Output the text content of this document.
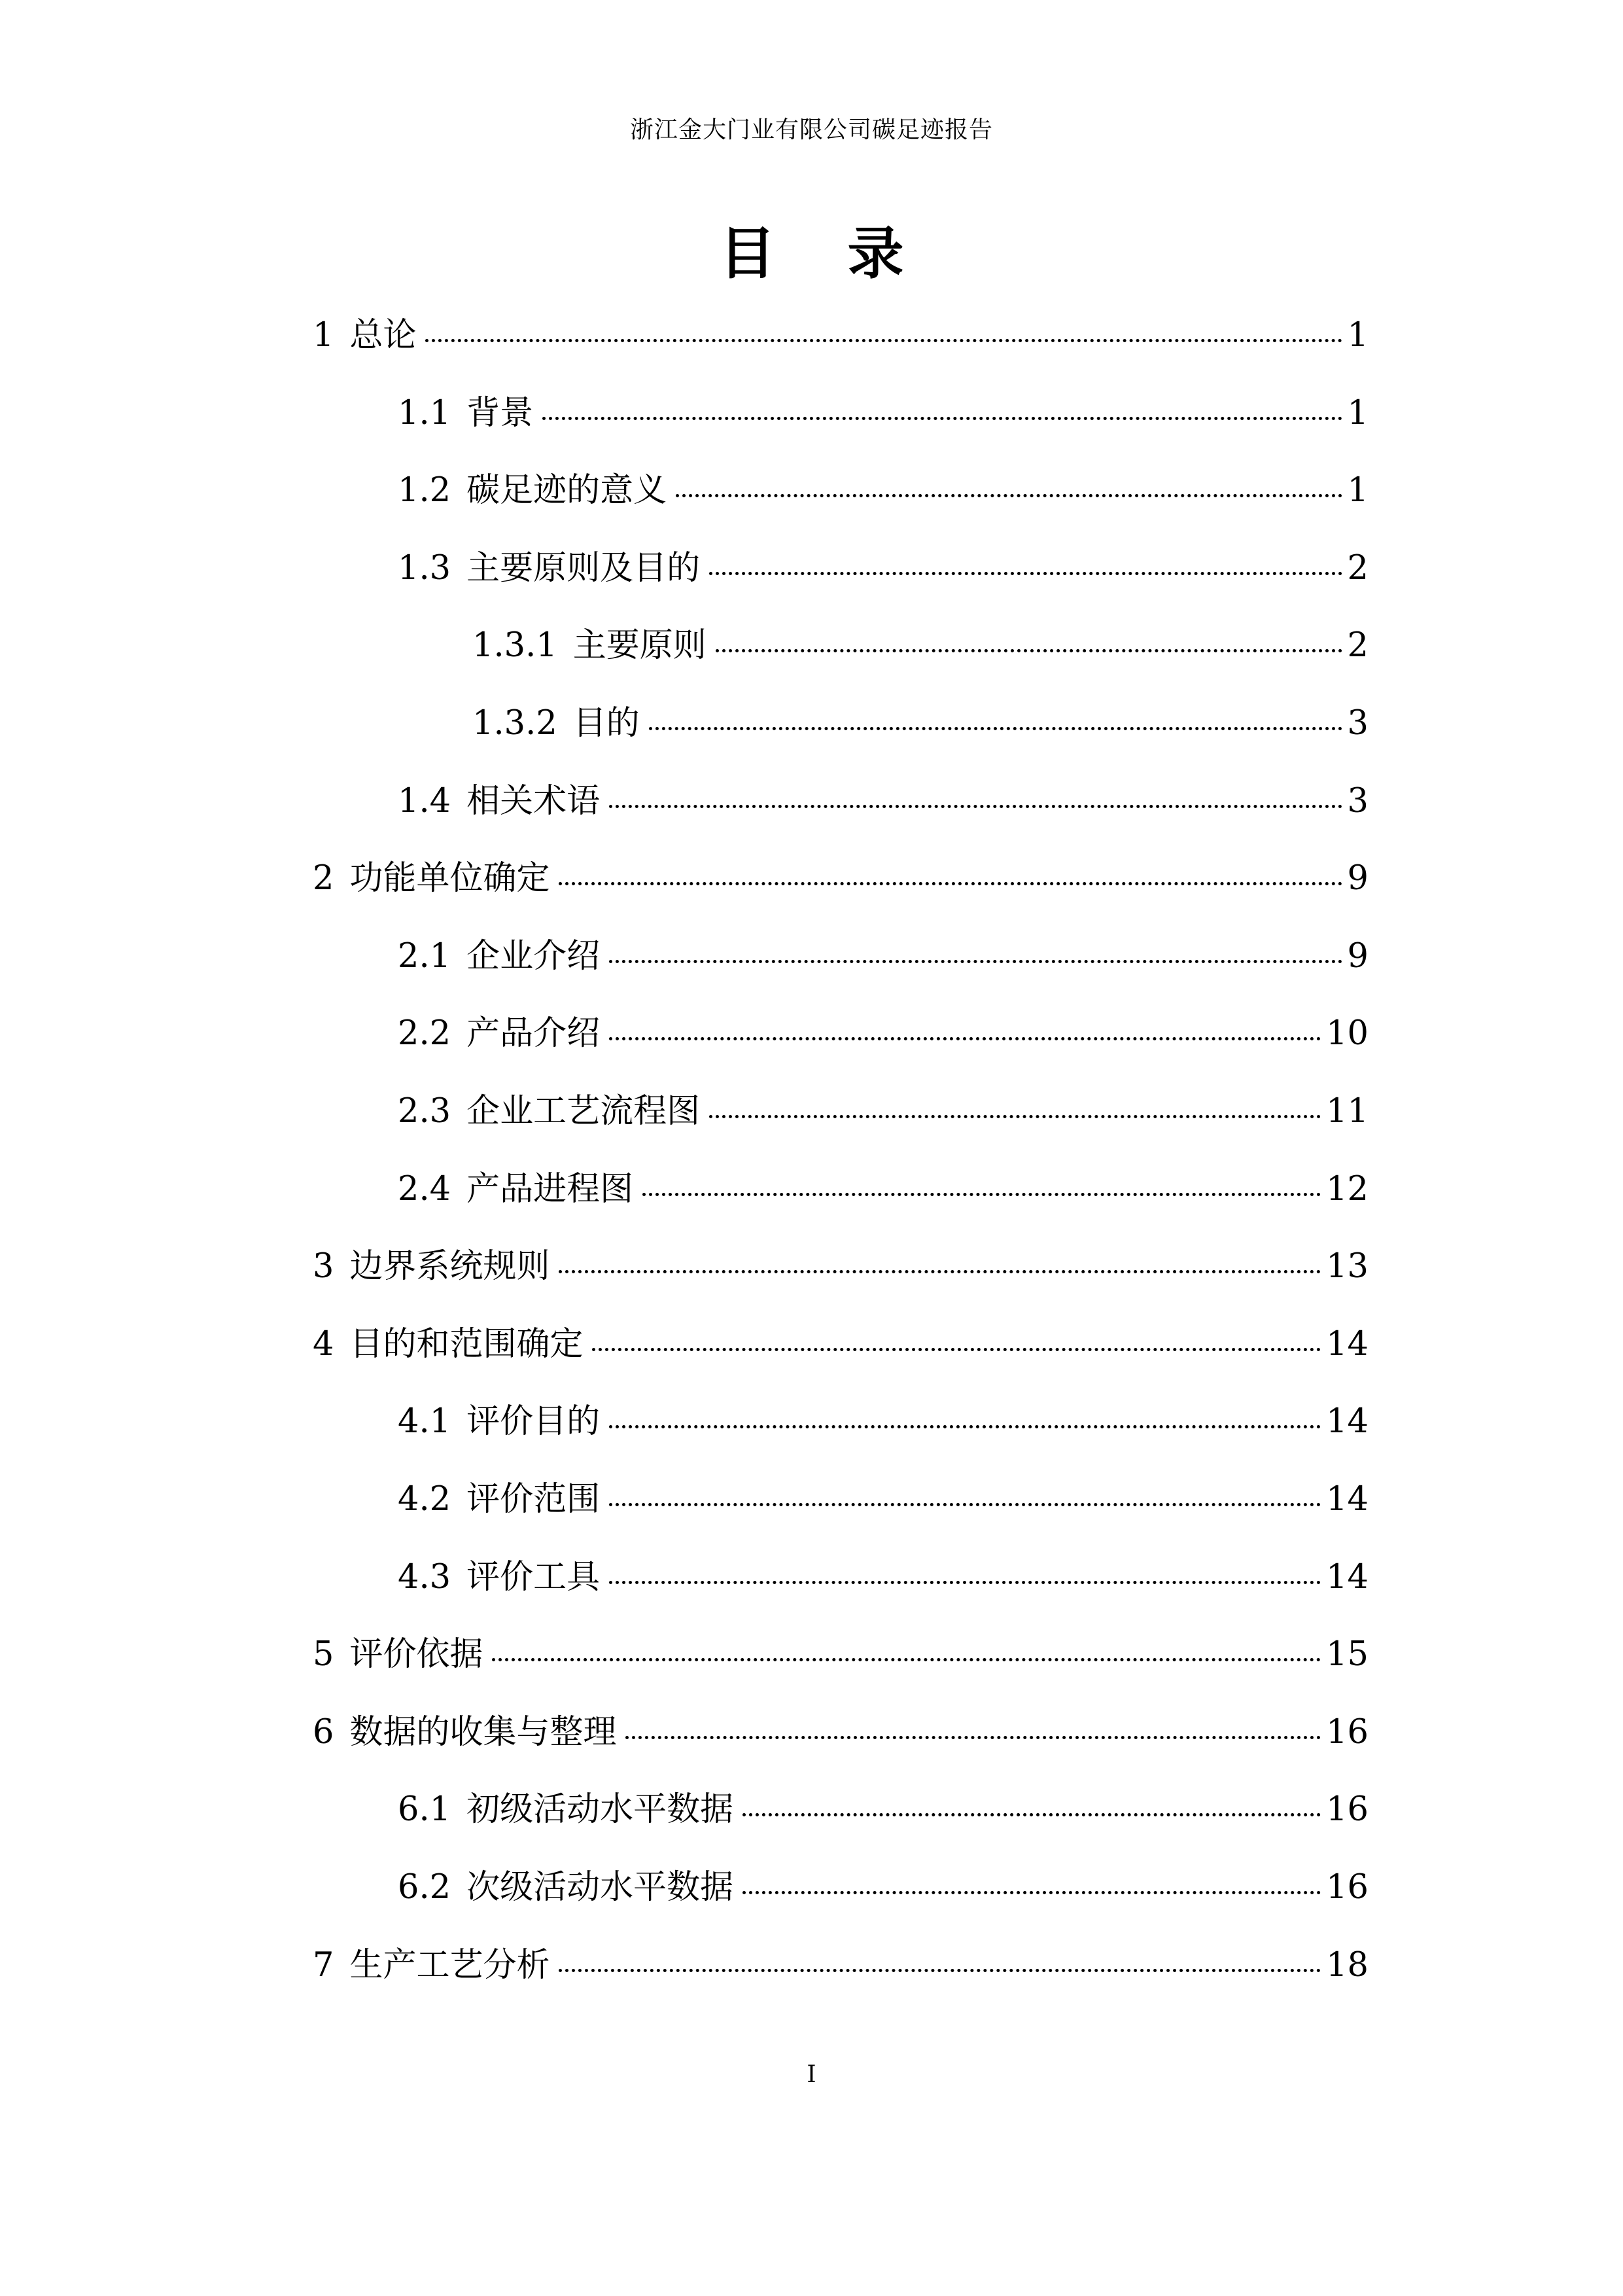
浙江金大门业有限公司碳足迹报告
目 录
1 总论	1
1.1 背景	1
1.2 碳足迹的意义	1
1.3 主要原则及目的	2
1.3.1 主要原则	2
1.3.2 目的	3
1.4 相关术语	3
2 功能单位确定	9
2.1 企业介绍	9
2.2 产品介绍	10
2.3 企业工艺流程图	11
2.4 产品进程图	12
3 边界系统规则	13
4 目的和范围确定	14
4.1 评价目的	14
4.2 评价范围	14
4.3 评价工具	14
5 评价依据	15
6 数据的收集与整理	16
6.1 初级活动水平数据	16
6.2 次级活动水平数据	16
7 生产工艺分析	18
I
